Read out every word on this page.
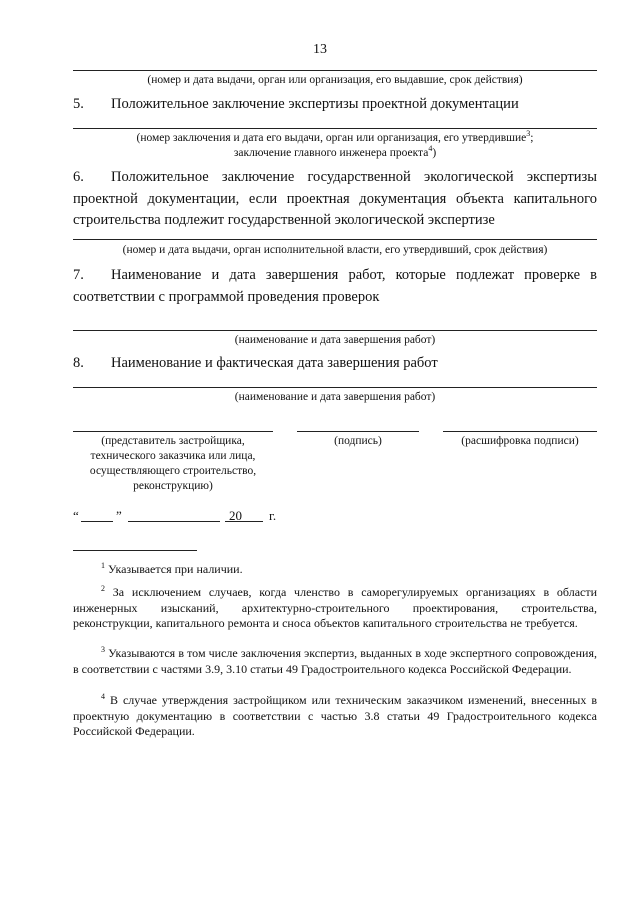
13
(номер и дата выдачи, орган или организация, его выдавшие, срок действия)
5. Положительное заключение экспертизы проектной документации
(номер заключения и дата его выдачи, орган или организация, его утвердившие$^3$;
заключение главного инженера проекта$^4$)
6. Положительное заключение государственной экологической экспертизы проектной документации, если проектная документация объекта капитального строительства подлежит государственной экологической экспертизе
(номер и дата выдачи, орган исполнительной власти, его утвердивший, срок действия)
7. Наименование и дата завершения работ, которые подлежат проверке в соответствии с программой проведения проверок
(наименование и дата завершения работ)
8. Наименование и фактическая дата завершения работ
(наименование и дата завершения работ)
(представитель застройщика,
технического заказчика или лица,
осуществляющего строительство,
реконструкцию)
(подпись)	(расшифровка подписи)
“	”	20 г.
$^1$ Указывается при наличии.
$^2$ За исключением случаев, когда членство в саморегулируемых организациях в области инженерных изысканий, архитектурно-строительного проектирования, строительства, реконструкции, капитального ремонта и сноса объектов капитального строительства не требуется.
$^3$ Указываются в том числе заключения экспертиз, выданных в ходе экспертного сопровождения, в соответствии с частями 3.9, 3.10 статьи 49 Градостроительного кодекса Российской Федерации.
$^4$ В случае утверждения застройщиком или техническим заказчиком изменений, внесенных в проектную документацию в соответствии с частью 3.8 статьи 49 Градостроительного кодекса Российской Федерации.
